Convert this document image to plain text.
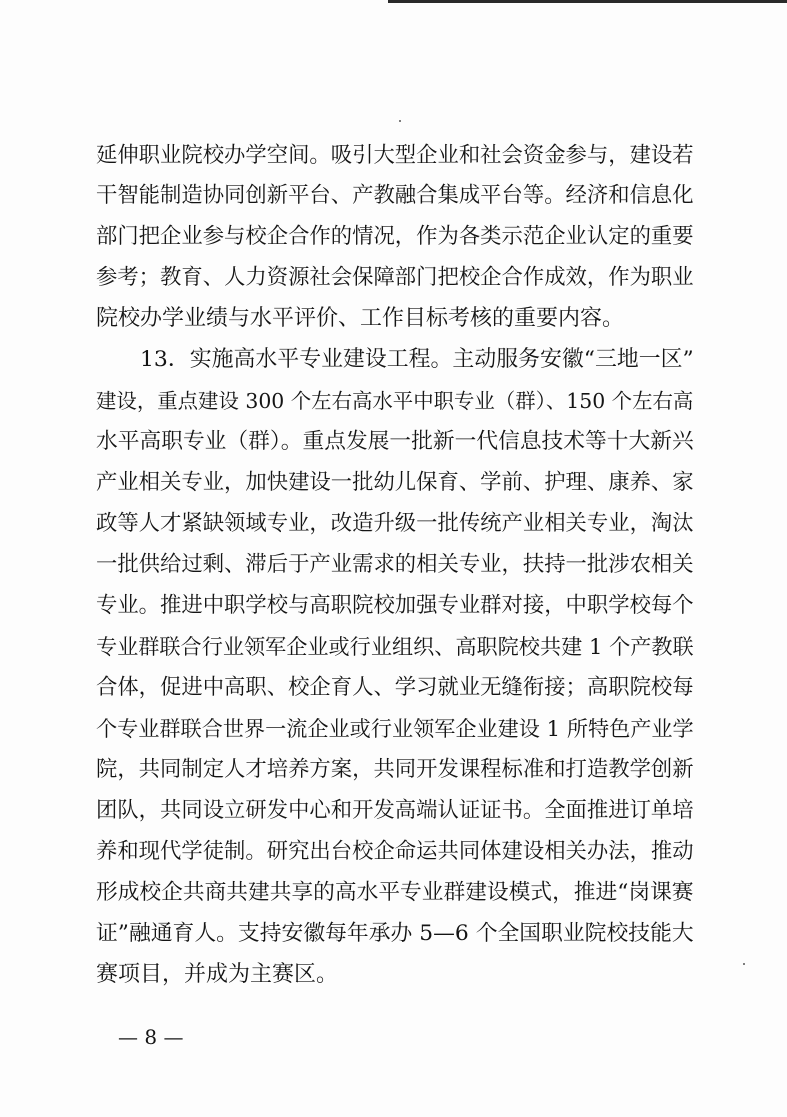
延伸职业院校办学空间。吸引大型企业和社会资金参与，建设若
干智能制造协同创新平台、产教融合集成平台等。经济和信息化
部门把企业参与校企合作的情况，作为各类示范企业认定的重要
参考；教育、人力资源社会保障部门把校企合作成效，作为职业
院校办学业绩与水平评价、工作目标考核的重要内容。
13．实施高水平专业建设工程。主动服务安徽“三地一区”
建设，重点建设 300 个左右高水平中职专业（群）、150 个左右高
水平高职专业（群）。重点发展一批新一代信息技术等十大新兴
产业相关专业，加快建设一批幼儿保育、学前、护理、康养、家
政等人才紧缺领域专业，改造升级一批传统产业相关专业，淘汰
一批供给过剩、滞后于产业需求的相关专业，扶持一批涉农相关
专业。推进中职学校与高职院校加强专业群对接，中职学校每个
专业群联合行业领军企业或行业组织、高职院校共建 1 个产教联
合体，促进中高职、校企育人、学习就业无缝衔接；高职院校每
个专业群联合世界一流企业或行业领军企业建设 1 所特色产业学
院，共同制定人才培养方案，共同开发课程标准和打造教学创新
团队，共同设立研发中心和开发高端认证证书。全面推进订单培
养和现代学徒制。研究出台校企命运共同体建设相关办法，推动
形成校企共商共建共享的高水平专业群建设模式，推进“岗课赛
证”融通育人。支持安徽每年承办 5—6 个全国职业院校技能大
赛项目，并成为主赛区。
— 8 —
